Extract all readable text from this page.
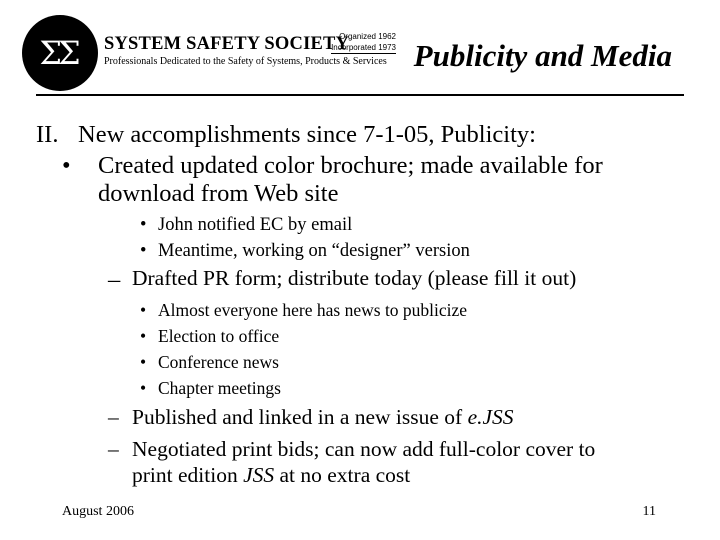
ΣΣ SYSTEM SAFETY SOCIETY
Organized 1962
Incorporated 1973
Professionals Dedicated to the Safety of Systems, Products & Services Publicity and Media
II. New accomplishments since 7-1-05, Publicity:
• Created updated color brochure; made available for
download from Web site
• John notified EC by email
• Meantime, working on “designer” version
– Drafted PR form; distribute today (please fill it out)
• Almost everyone here has news to publicize
• Election to office
• Conference news
• Chapter meetings
– Published and linked in a new issue of e.JSS
– Negotiated print bids; can now add full-color cover to
print edition JSS at no extra cost
August 2006	11
